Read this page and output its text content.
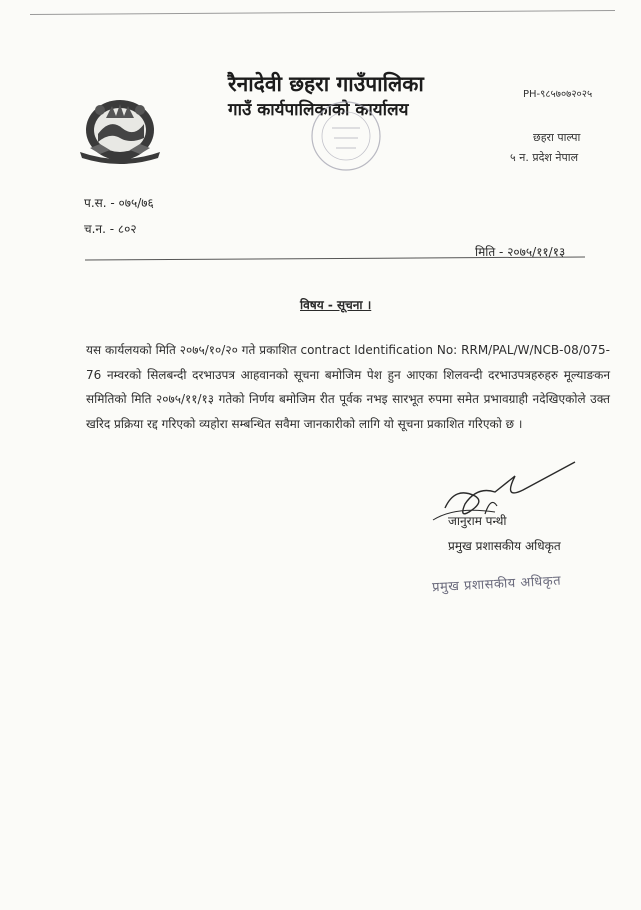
रैनादेवी छहरा गाउँपालिका
गाउँ कार्यपालिकाको कार्यालय
PH-९८५७०७२०२५
छहरा पाल्पा
५ न. प्रदेश नेपाल
प.स. - ०७५/७६
च.न. - ८०२
मिति - २०७५/११/१३
विषय - सूचना ।
यस कार्यलयको मिति २०७५/१०/२० गते प्रकाशित contract Identification No: RRM/PAL/W/NCB-08/075-76 नम्वरको सिलबन्दी दरभाउपत्र आहवानको सूचना बमोजिम पेश हुन आएका शिलवन्दी दरभाउपत्रहरुहरु मूल्याङकन समितिको मिति २०७५/११/१३ गतेको निर्णय बमोजिम रीत पूर्वक नभइ सारभूत रुपमा समेत प्रभावग्राही नदेखिएकोले उक्त खरिद प्रक्रिया रद्द गरिएको व्यहोरा सम्बन्धित सवैमा जानकारीको लागि यो सूचना प्रकाशित गरिएको छ ।
जानुराम पन्थी
प्रमुख प्रशासकीय अधिकृत
प्रमुख प्रशासकीय अधिकृत
